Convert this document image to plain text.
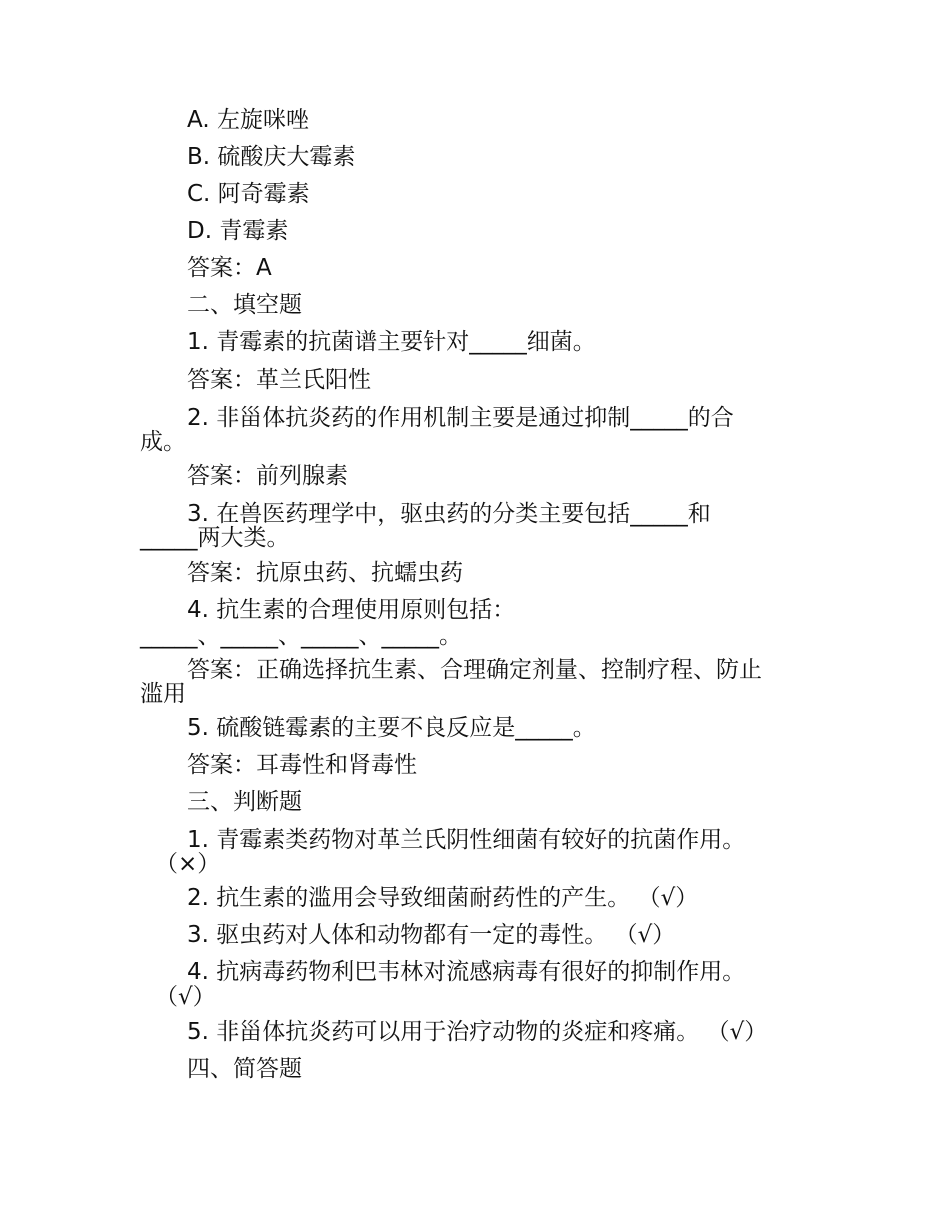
A. 左旋咪唑
B. 硫酸庆大霉素
C. 阿奇霉素
D. 青霉素
答案：A
二、填空题
1. 青霉素的抗菌谱主要针对_____细菌。
答案：革兰氏阳性
2. 非甾体抗炎药的作用机制主要是通过抑制_____的合
成。
答案：前列腺素
3. 在兽医药理学中，驱虫药的分类主要包括_____和
_____两大类。
答案：抗原虫药、抗蠕虫药
4. 抗生素的合理使用原则包括：
_____、_____、_____、_____。
答案：正确选择抗生素、合理确定剂量、控制疗程、防止
滥用
5. 硫酸链霉素的主要不良反应是_____。
答案：耳毒性和肾毒性
三、判断题
1. 青霉素类药物对革兰氏阴性细菌有较好的抗菌作用。
（×）
2. 抗生素的滥用会导致细菌耐药性的产生。 （√）
3. 驱虫药对人体和动物都有一定的毒性。 （√）
4. 抗病毒药物利巴韦林对流感病毒有很好的抑制作用。
（√）
5. 非甾体抗炎药可以用于治疗动物的炎症和疼痛。 （√）
四、简答题
